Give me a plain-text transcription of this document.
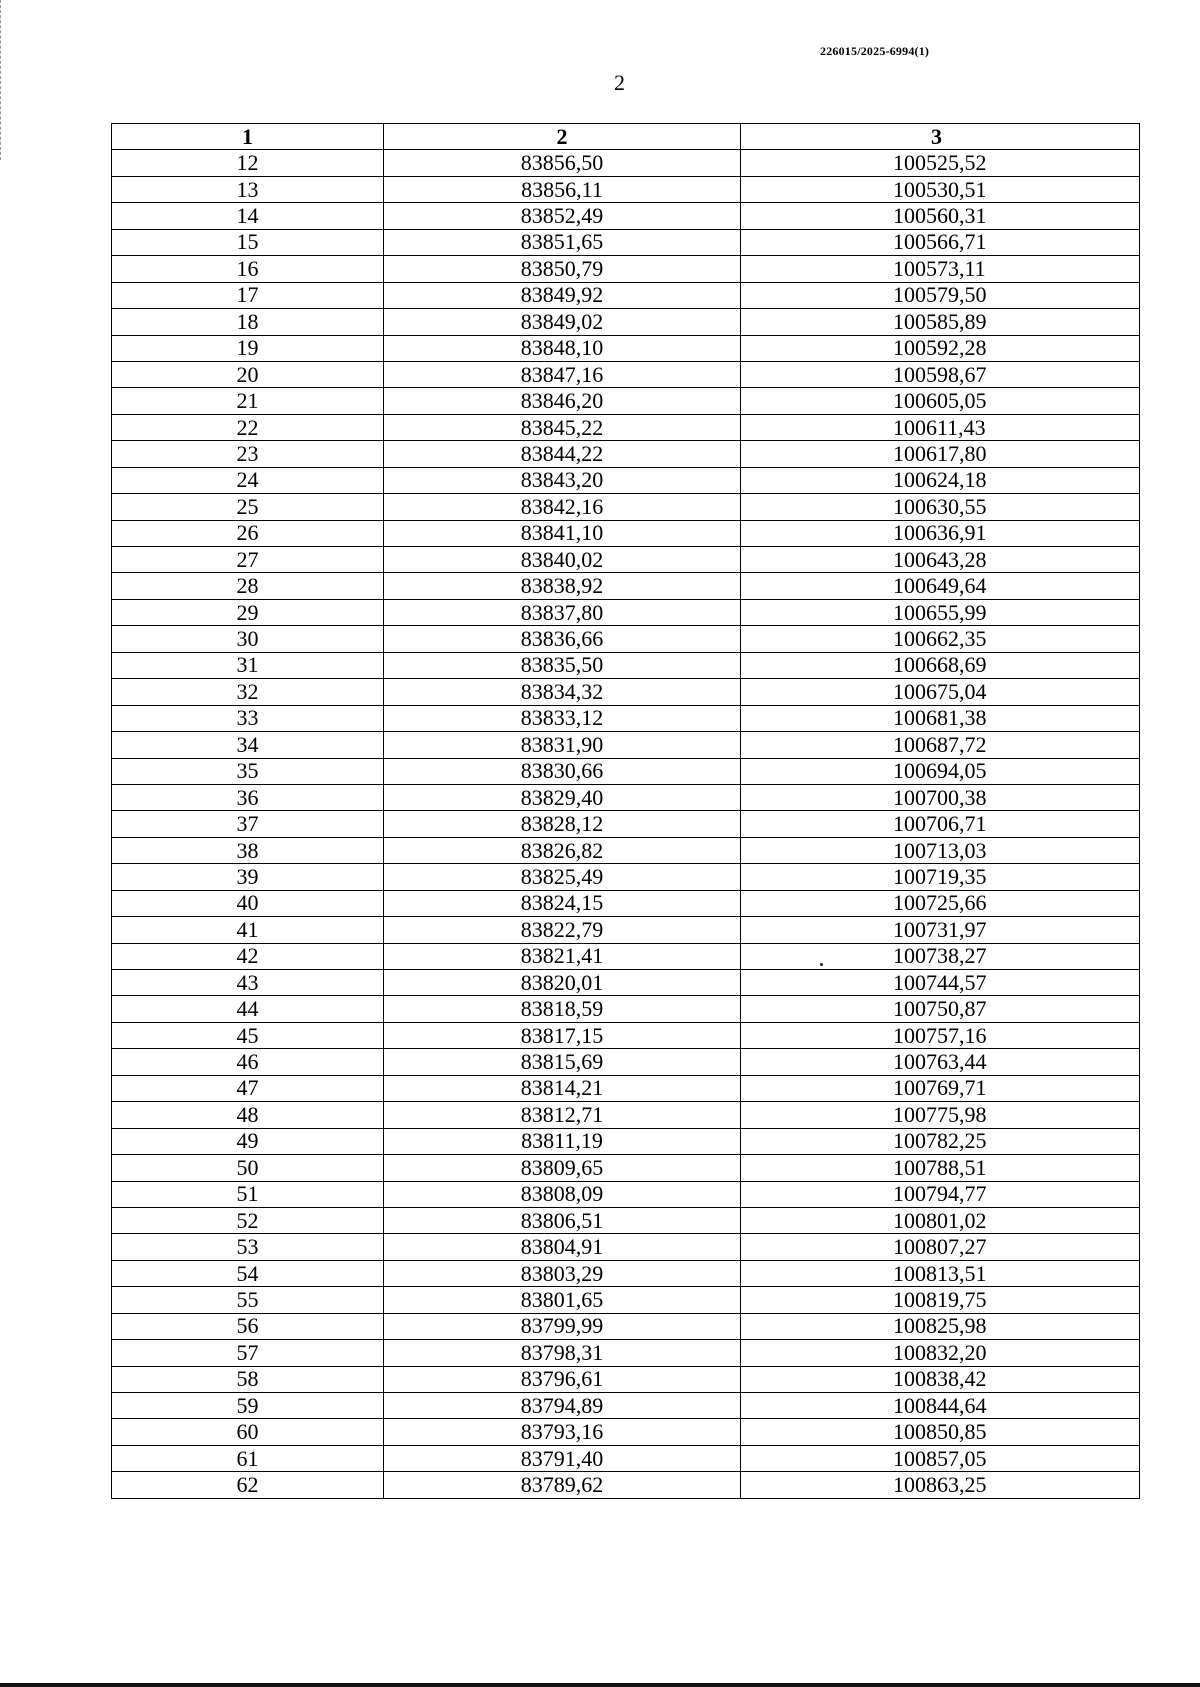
226015/2025-6994(1)
2
1	2	3
12	83856,50	100525,52
13	83856,11	100530,51
14	83852,49	100560,31
15	83851,65	100566,71
16	83850,79	100573,11
17	83849,92	100579,50
18	83849,02	100585,89
19	83848,10	100592,28
20	83847,16	100598,67
21	83846,20	100605,05
22	83845,22	100611,43
23	83844,22	100617,80
24	83843,20	100624,18
25	83842,16	100630,55
26	83841,10	100636,91
27	83840,02	100643,28
28	83838,92	100649,64
29	83837,80	100655,99
30	83836,66	100662,35
31	83835,50	100668,69
32	83834,32	100675,04
33	83833,12	100681,38
34	83831,90	100687,72
35	83830,66	100694,05
36	83829,40	100700,38
37	83828,12	100706,71
38	83826,82	100713,03
39	83825,49	100719,35
40	83824,15	100725,66
41	83822,79	100731,97
42	83821,41	100738,27
43	83820,01	100744,57
44	83818,59	100750,87
45	83817,15	100757,16
46	83815,69	100763,44
47	83814,21	100769,71
48	83812,71	100775,98
49	83811,19	100782,25
50	83809,65	100788,51
51	83808,09	100794,77
52	83806,51	100801,02
53	83804,91	100807,27
54	83803,29	100813,51
55	83801,65	100819,75
56	83799,99	100825,98
57	83798,31	100832,20
58	83796,61	100838,42
59	83794,89	100844,64
60	83793,16	100850,85
61	83791,40	100857,05
62	83789,62	100863,25
